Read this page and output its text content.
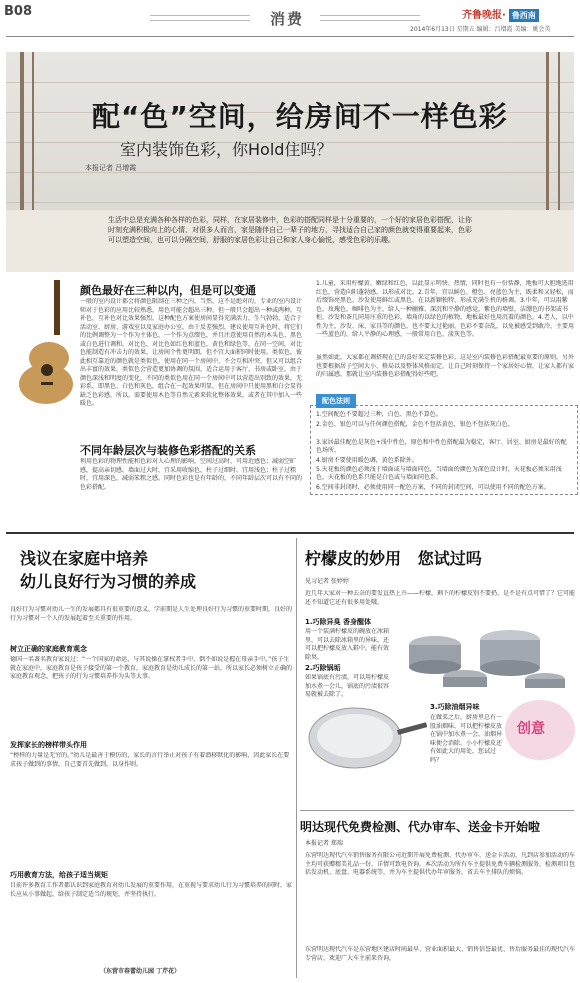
B08	消费	齐鲁晚报· 鲁西南
2014年6月13日 星期五 编辑：吕增霞 美编：姚会英
配“色”空间，给房间不一样色彩
室内装饰色彩，你Hold住吗？
本报记者 吕增霞
生活中总是充满各种各样的色彩，同样，在家居装修中，色彩的搭配同样是十分重要的，一个好的家居色彩搭配，让你时刻充满积极向上的心情，对很多人而言，家是随伴自己一辈子的地方，寻找适合自己家的颜色就变得重要起来，色彩可以塑造空间，也可以分隔空间，舒服的家居色彩让自己和家人身心愉悦，感受色彩的乐趣。
颜色最好在三种以内，但是可以变通
一般的室内设计都会将颜色限制在三种之内，当然，这不是绝对的，专业的室内设计师对于色彩的应用比较熟悉，用色可能会超出三种，但一般只会超出一种或两种。互补色，互补色对比效果强烈，这种配色方案使房间显得充满活力，生气勃勃，适合于活动室、厨房、游戏室以及家庭办公室，由于反差强烈，建议使用互补色时，将它们的比例调整为一个作为主体色，一个作为点缀色，并且注意使用自然的木头色、黑色或白色进行调和。对比色，对比色如红色和蓝色，黄色和绿色等，在同一空间，对比色能制造有冲击力的效果，让房间个性更明朗，但不宜大面积同时使用。类似色，彼此相互靠近的颜色就是类似色，使用在同一个房间中，不会互相冲突，但又可以组合出丰富的效果，类似色会营造更加协调的氛围，适合运用于客厅、书房或卧室。由于颜色深浅和明度的变化，不同的类似色用在同一个房间中可以营造出别致的效果。无彩系，即黑色、白色和灰色，组合在一起效果明显，但在房间中只使用黑和白会显得缺乏色彩感，所以，需要使用木色等自然元素来软化整体效果，或者在其中加入一些暖色。
不同年龄层次与装修色彩搭配的关系
利用色彩的物理性能和色彩对人心理的影响，空间过高时，可用近感色；减弱空旷感，提高亲切感，墙面过大时，宜采用收缩色，柱子过细时，宜用浅色；柱子过粗时，宜用深色，减弱笨粗之感。同时色彩也是有年龄的，不同年龄层次可以有不同的色彩搭配。
1.儿童，采用柠檬黄、嫩绿和红色，以此显示明快、热情，同时也有一份恬静，地板可大胆地选用红色，营造向阳蓬勃感，以形成对比。2.青年，宜以鲜色、橙色、亮蓝色为主，既柔和又轻松，而后缀饰亮黑色，沙发使用鲜红或黑色，在以新颖独特，形成充满生机的格调。3.中年，可以用紫色，玫瑰色，咖啡色为主，给人一种幽雅、深沉和平静的感觉，紫色的墙壁，洁绷色的书架或书柜，沙发和茶几同用庄重的色彩，墙角的以绿色的植物，地板最好也用沉着的颜色。4.老人，以中性为主，沙发、床、家具等的颜色，也不要太过艳丽，色彩不要杂乱，以免被感受到敢冷，主要用一些蓝色的，给人平静的心理感，一般常用白色、淡灰色等。
虽然如此，大家都在调搭现在已的喜好来定装修色彩，这是室内装修色彩搭配最重要的原则，另外也要根据居子空间大小、格局以及整体风格而定，让自己时刻保持一个家居好心情，让家人都有家的归属感，那就让室内装修色彩搭配得好些吧。
配色法则
1.空间配色不要超过三种，白色、黑色不算色。
2.金色、银色可以与任何颜色搭配，金色不包括黄色，银色不包括灰白色。
3.家居最佳配色是灰色+浅中性色，原色和中性色搭配最为稳定，客厅、居室、厨房是最好的配色场所。
4.厨房不要使用暖色调，黄色系除外。
5.天花板的颜色必须浅于墙面或与墙面同色，当墙面的颜色为深色设计时，天花板必须采用浅色，天花板的色系只能是白色或与墙面同色系。
6.空间非封闭时，必须使用同一配色方案，不同的封闭空间，可以使用不同的配色方案。
浅议在家庭中培养
幼儿良好行为习惯的养成
良好行为习惯对幼儿一生的发展都具有很重要的意义，学前期是人生处理良好行为习惯的重要时期，良好的行为习惯对一个人的发展起着至关重要的作用。
树立正确的家庭教育观念
德国一名著名教育家说过：“一个国家的命运，与其说操在掌权者手中，倒不如说是握在母亲手中。”孩子生就在家庭中，家庭教育是孩子接受的第一个教育，家庭教育是幼儿成长的第一站，所以家长必须树立正确的家庭教育观念，把孩子的行为习惯培养作为头等大事。
发挥家长的榜样带头作用
“榜样的力量是无穷的。”幼儿是最善于模仿的，家长的言行举止对孩子有着潜移默化的影响，因此家长在要求孩子做到的事情，自己要首先做到，以身作则。
巧用教育方法，给孩子适当规矩
目前许多教育工作者都认识到家庭教育对幼儿发展的重要作用，在重视与要求幼儿行为习惯培养的同时，家长应从小事做起，给孩子制定适当的规矩，并坚持执行。
（东营市春蕾幼儿园 丁芹花）
柠檬皮的妙用 您试过吗
见习记者 张婷婷
近几年大家对一种去杂的要发直热上升——柠檬，剩下的柠檬皮别不要扔，是不是有点可惜了？它可能还不知道它还有很多用处哦。
1.巧除异臭 香身醒体
用一个装满柠檬皮的碗放在冰箱里，可以去除冰箱里的异味，还可以把柠檬皮放入鞋中，能有效除臭。
2.巧除锅垢
如果锅底有污渍，可以用柠檬皮加水煮一会儿，锅底的污渍很容易就被去除了。
3.巧除油烟异味
在做菜之后，厨房里总有一股油烟味，可以把柠檬皮放在锅中加水煮一会，油烟异味便会消除。小小柠檬皮还有如此大的用处，您试过吗？
创意
明达现代免费检测、代办审车、送金卡开始啦
本报记者 郑瑞
东营明达现代汽车销售服务有限公司近期开展免费检测、代办审车、送金卡活动，凡到店参加活动的车主均可获赠精美礼品一份，详情可致电咨询。本次活动为所有车主提供免费车辆检测服务，检测项目包括发动机、底盘、电器系统等，并为车主提供代办年审服务，省去车主排队的烦恼。
东营明达现代汽车是东营地区建店时间最早、营业面积最大、销售信誉最优、售后服务最佳的现代汽车专营店，欢迎广大车主前来咨询。
